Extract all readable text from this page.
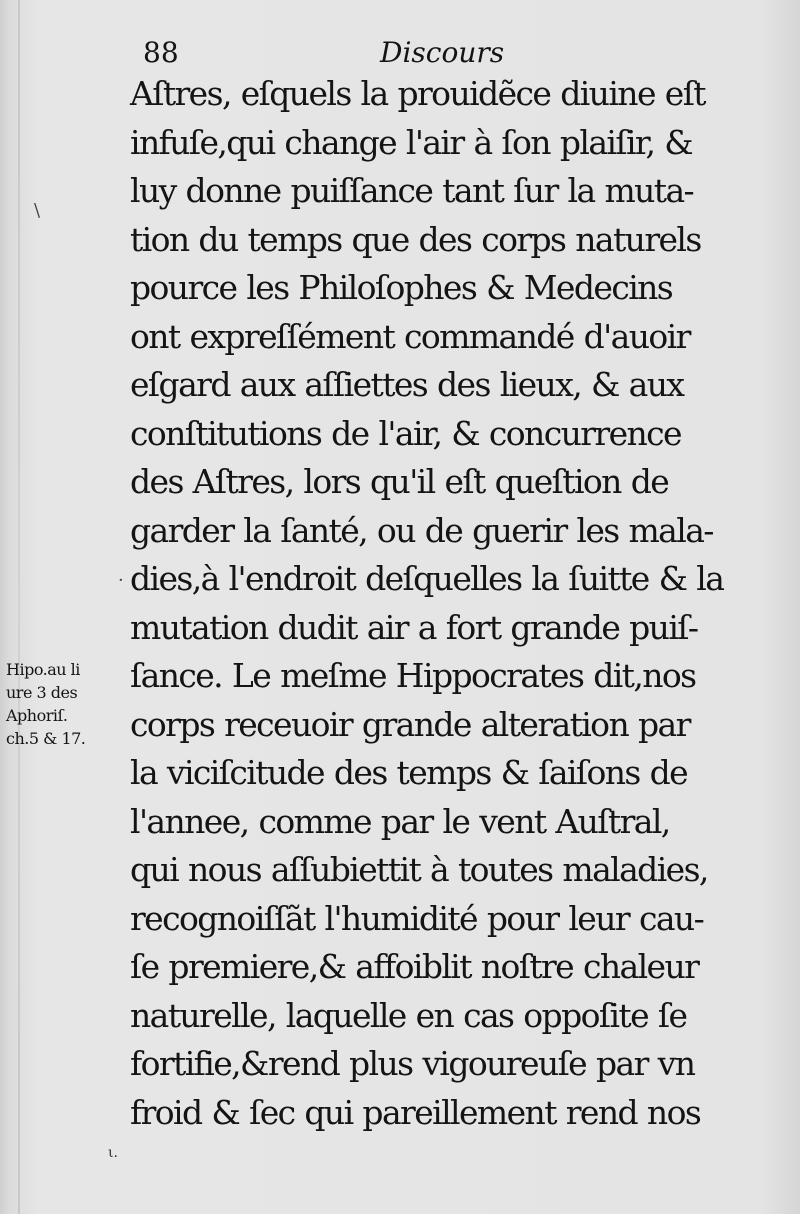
88	Discours
\
·
Aſtres, eſquels la prouidẽce diuine eſt
infuſe,qui change l'air à ſon plaiſir, &
luy donne puiſſance tant ſur la muta-
tion du temps que des corps naturels
pource les Philoſophes & Medecins
ont expreſſément commandé d'auoir
eſgard aux aſſiettes des lieux, & aux
conſtitutions de l'air, & concurrence
des Aſtres, lors qu'il eſt queſtion de
garder la ſanté, ou de guerir les mala-
dies,à l'endroit deſquelles la ſuitte & la
mutation dudit air a fort grande puiſ-
ſance. Le meſme Hippocrates dit,nos
corps receuoir grande alteration par
la viciſcitude des temps & ſaiſons de
l'annee, comme par le vent Auſtral,
qui nous aſſubiettit à toutes maladies,
recognoiſſãt l'humidité pour leur cau-
ſe premiere,& affoiblit noſtre chaleur
naturelle, laquelle en cas oppoſite ſe
fortifie,&rend plus vigoureuſe par vn
froid & ſec qui pareillement rend nos
Hipo.au li
ure 3 des
Aphoriſ.
ch.5 & 17.
ι.
